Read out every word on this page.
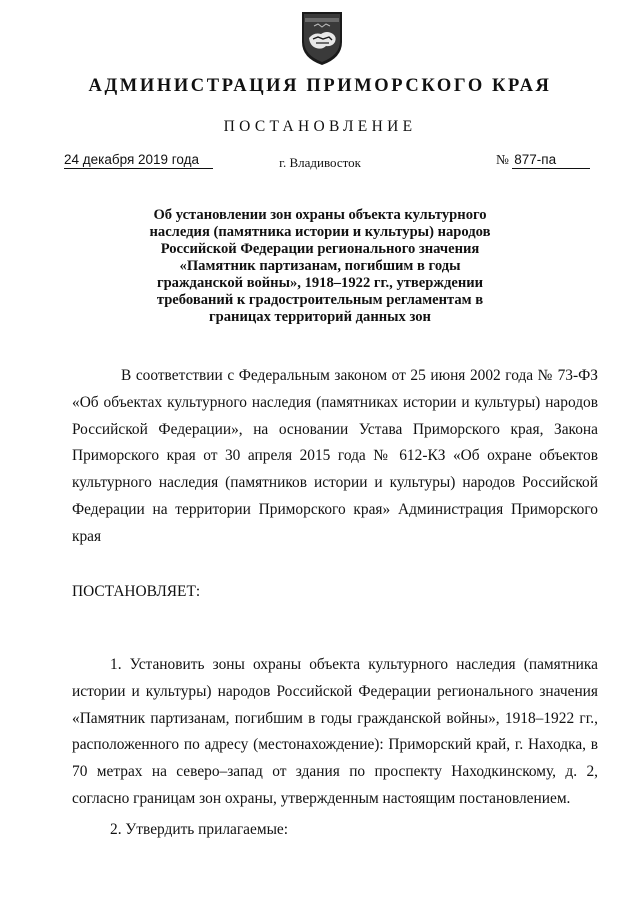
АДМИНИСТРАЦИЯ ПРИМОРСКОГО КРАЯ
ПОСТАНОВЛЕНИЕ
24 декабря 2019 года	г. Владивосток	№ 877-па
Об установлении зон охраны объекта культурного наследия (памятника истории и культуры) народов Российской Федерации регионального значения «Памятник партизанам, погибшим в годы гражданской войны», 1918–1922 гг., утверждении требований к градостроительным регламентам в границах территорий данных зон
В соответствии с Федеральным законом от 25 июня 2002 года № 73-ФЗ «Об объектах культурного наследия (памятниках истории и культуры) народов Российской Федерации», на основании Устава Приморского края, Закона Приморского края от 30 апреля 2015 года № 612-КЗ «Об охране объектов культурного наследия (памятников истории и культуры) народов Российской Федерации на территории Приморского края» Администрация Приморского края
ПОСТАНОВЛЯЕТ:
1. Установить зоны охраны объекта культурного наследия (памятника истории и культуры) народов Российской Федерации регионального значения «Памятник партизанам, погибшим в годы гражданской войны», 1918–1922 гг., расположенного по адресу (местонахождение): Приморский край, г. Находка, в 70 метрах на северо–запад от здания по проспекту Находкинскому, д. 2, согласно границам зон охраны, утвержденным настоящим постановлением.
2. Утвердить прилагаемые:
